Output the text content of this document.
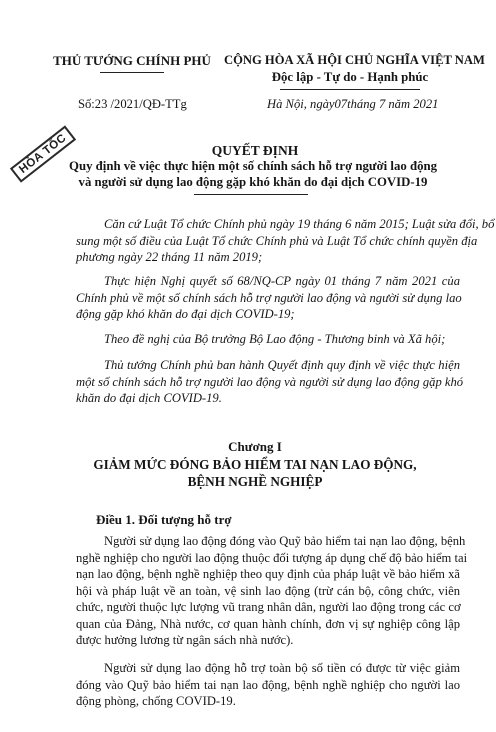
THỦ TƯỚNG CHÍNH PHỦ	CỘNG HÒA XÃ HỘI CHỦ NGHĨA VIỆT NAM
Độc lập - Tự do - Hạnh phúc
Số:23 /2021/QĐ-TTg	Hà Nội, ngày07tháng 7 năm 2021
HỎA TỐC	QUYẾT ĐỊNH
Quy định về việc thực hiện một số chính sách hỗ trợ người lao động
và người sử dụng lao động gặp khó khăn do đại dịch COVID-19
Căn cứ Luật Tổ chức Chính phủ ngày 19 tháng 6 năm 2015; Luật sửa đổi, bổ
sung một số điều của Luật Tổ chức Chính phủ và Luật Tổ chức chính quyền địa
phương ngày 22 tháng 11 năm 2019;
Thực hiện Nghị quyết số 68/NQ-CP ngày 01 tháng 7 năm 2021 của
Chính phủ về một số chính sách hỗ trợ người lao động và người sử dụng lao
động gặp khó khăn do đại dịch COVID-19;
Theo đề nghị của Bộ trưởng Bộ Lao động - Thương binh và Xã hội;
Thủ tướng Chính phủ ban hành Quyết định quy định về việc thực hiện
một số chính sách hỗ trợ người lao động và người sử dụng lao động gặp khó
khăn do đại dịch COVID-19.
Chương I
GIẢM MỨC ĐÓNG BẢO HIỂM TAI NẠN LAO ĐỘNG,
BỆNH NGHỀ NGHIỆP
Điều 1. Đối tượng hỗ trợ
Người sử dụng lao động đóng vào Quỹ bảo hiểm tai nạn lao động, bệnh
nghề nghiệp cho người lao động thuộc đối tượng áp dụng chế độ bảo hiểm tai
nạn lao động, bệnh nghề nghiệp theo quy định của pháp luật về bảo hiểm xã
hội và pháp luật về an toàn, vệ sinh lao động (trừ cán bộ, công chức, viên
chức, người thuộc lực lượng vũ trang nhân dân, người lao động trong các cơ
quan của Đảng, Nhà nước, cơ quan hành chính, đơn vị sự nghiệp công lập
được hưởng lương từ ngân sách nhà nước).
Người sử dụng lao động hỗ trợ toàn bộ số tiền có được từ việc giảm
đóng vào Quỹ bảo hiểm tai nạn lao động, bệnh nghề nghiệp cho người lao
động phòng, chống COVID-19.
